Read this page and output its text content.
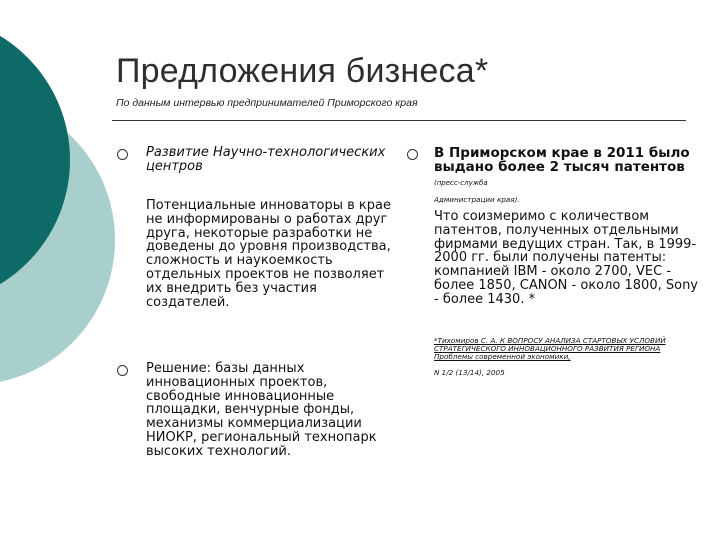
Предложения бизнеса*
По данным интервью предпринимателей Приморского края
Развитие Научно-технологических центров
Потенциальные инноваторы в крае не информированы о работах друг друга, некоторые разработки не доведены до уровня производства, сложность и наукоемкость отдельных проектов не позволяет их внедрить без участия создателей.
Решение: базы данных инновационных проектов, свободные инновационные площадки, венчурные фонды, механизмы коммерциализации НИОКР, региональный технопарк высоких технологий.
В Приморском крае в 2011 было выдано более 2 тысяч патентов (пресс-служба
Администрации края).
Что соизмеримо с количеством патентов, полученных отдельными фирмами ведущих стран. Так, в 1999-2000 гг. были получены патенты: компанией IBM - около 2700, VEC - более 1850, CANON - около 1800, Sony - более 1430. *
*Тихомиров С. А. К ВОПРОСУ АНАЛИЗА СТАРТОВЫХ УСЛОВИЙ СТРАТЕГИЧЕСКОГО ИННОВАЦИОННОГО РАЗВИТИЯ РЕГИОНА Проблемы современной экономики,
N 1/2 (13/14), 2005
